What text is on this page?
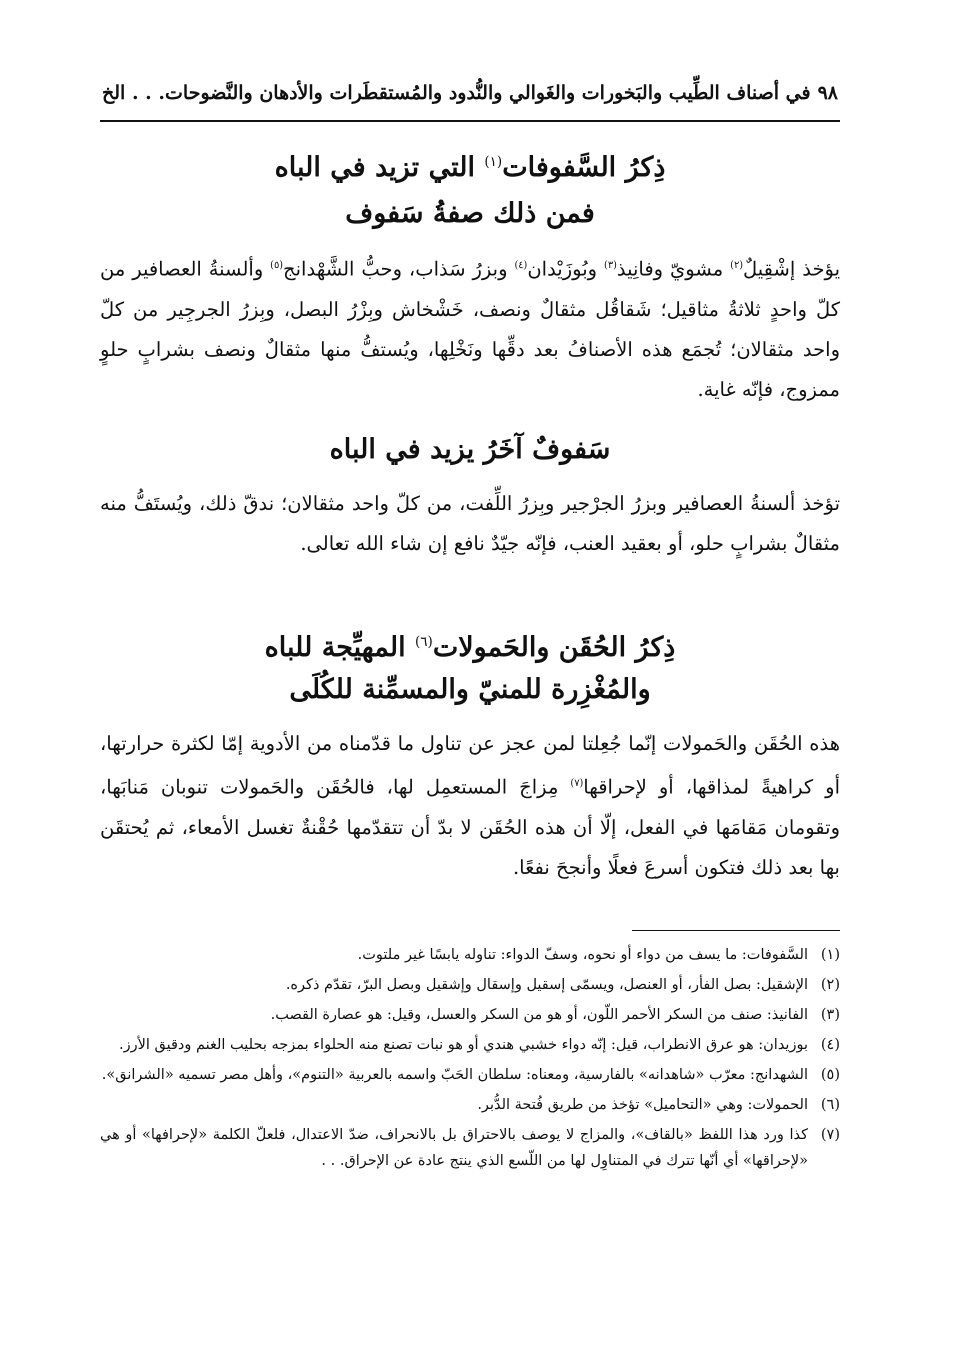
٩٨
في أصناف الطِّيب والبَخورات والغَوالي والنُّدود والمُستقطَرات والأدهان والنَّضوحات. . . الخ
ذِكرُ السَّفوفات$^{(١)}$ التي تزيد في الباه
فمن ذلك صفةُ سَفوف
يؤخذ إشْقِيلٌ$^{(٢)}$ مشويّ وفانِيذ$^{(٣)}$ وبُوزَيْدان$^{(٤)}$ وبزرُ سَذاب، وحبُّ الشَّهْدانج$^{(٥)}$ وألسنةُ العصافير من كلّ واحدٍ ثلاثةُ مثاقيل؛ شَقاقُل مثقالٌ ونصف، خَشْخاش وبِزْرُ البصل، وبِزرُ الجرجِير من كلّ واحد مثقالان؛ تُجمَع هذه الأصنافُ بعد دقِّها ونَخْلِها، ويُستفُّ منها مثقالٌ ونصف بشرابٍ حلوٍ ممزوج، فإنّه غاية.
سَفوفٌ آخَرُ يزيد في الباه
تؤخذ ألسنةُ العصافير وبزرُ الجرْجير وبِزرُ اللِّفت، من كلّ واحد مثقالان؛ ندقّ ذلك، ويُستَفُّ منه مثقالٌ بشرابٍ حلو، أو بعقيد العنب، فإنّه جيّدٌ نافع إن شاء الله تعالى.
ذِكرُ الحُقَن والحَمولات$^{(٦)}$ المهيِّجة للباه
والمُغْزِرة للمنيّ والمسمِّنة للكُلَى
هذه الحُقَن والحَمولات إنّما جُعِلتا لمن عجز عن تناول ما قدّمناه من الأدوية إمّا لكثرة حرارتها، أو كراهيةً لمذاقها، أو لإحراقها$^{(٧)}$ مِزاجَ المستعمِل لها، فالحُقَن والحَمولات تنوبان مَنابَها، وتقومان مَقامَها في الفعل، إلّا أن هذه الحُقَن لا بدّ أن تتقدّمها حُقْنةٌ تغسل الأمعاء، ثم يُحتقَن بها بعد ذلك فتكون أسرعَ فعلًا وأنجحَ نفعًا.
(١)
السَّفوفات: ما يسف من دواء أو نحوه، وسفّ الدواء: تناوله يابسًا غير ملتوت.
(٢)
الإشقيل: بصل الفأر، أو العنصل، ويسمّى إسقيل وإسقال وإشقيل وبصل البرّ، تقدّم ذكره.
(٣)
الفانيذ: صنف من السكر الأحمر اللّون، أو هو من السكر والعسل، وقيل: هو عصارة القصب.
(٤)
بوزيدان: هو عرق الانطراب، قيل: إنّه دواء خشبي هندي أو هو نبات تصنع منه الحلواء بمزجه بحليب الغنم ودقيق الأرز.
(٥)
الشهدانج: معرّب «شاهدانه» بالفارسية، ومعناه: سلطان الحَبّ واسمه بالعربية «التنوم»، وأهل مصر تسميه «الشرانق».
(٦)
الحمولات: وهي «التحاميل» تؤخذ من طريق فُتحة الدُّبر.
(٧)
كذا ورد هذا اللفظ «بالقاف»، والمزاج لا يوصف بالاحتراق بل بالانحراف، ضدّ الاعتدال، فلعلّ الكلمة «لإحرافها» أو هي «لإحراقها» أي أنّها تترك في المتناوِل لها من اللّسع الذي ينتج عادة عن الإحراق. . .
